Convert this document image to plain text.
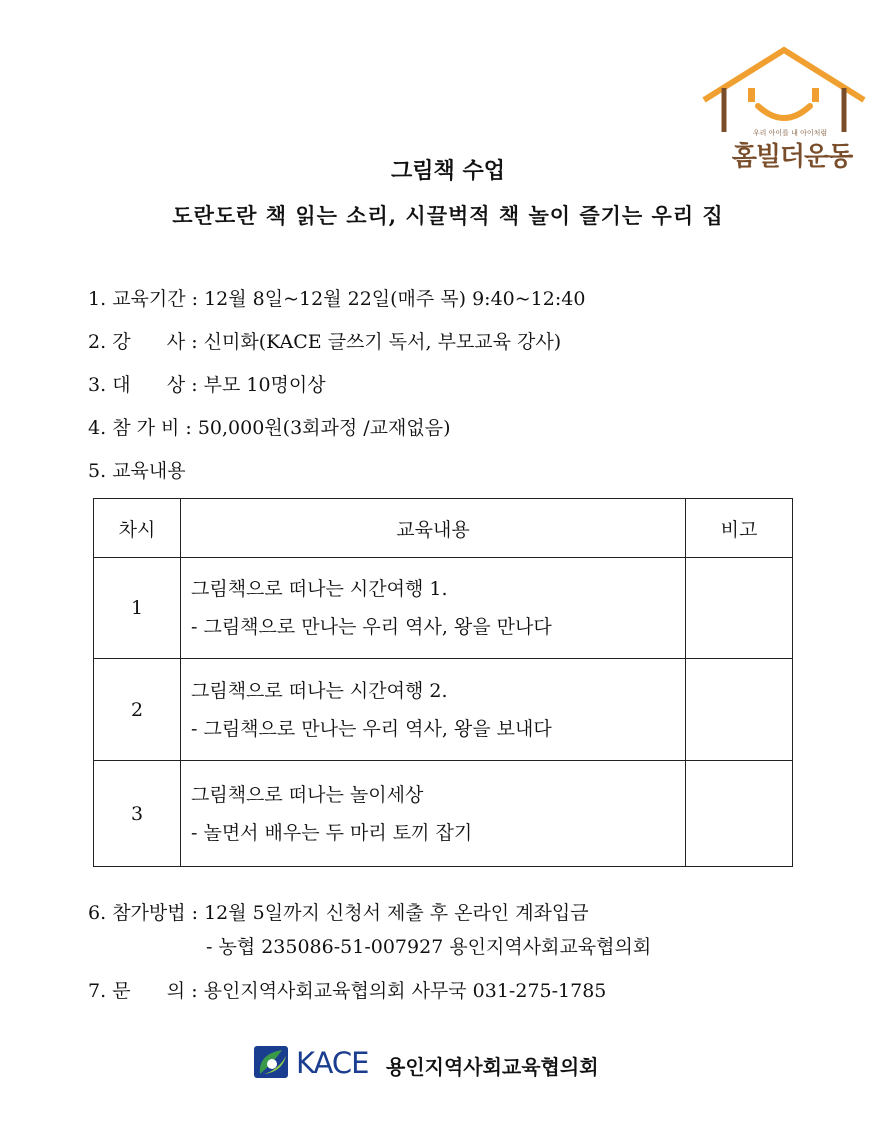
우리 아이를 내 아이처럼
홈빌더운동
그림책 수업
도란도란 책 읽는 소리, 시끌벅적 책 놀이 즐기는 우리 집
1. 교육기간 : 12월 8일~12월 22일(매주 목) 9:40~12:40
2. 강      사 : 신미화(KACE 글쓰기 독서, 부모교육 강사)
3. 대      상 : 부모 10명이상
4. 참 가 비 : 50,000원(3회과정 /교재없음)
5. 교육내용
차시	교육내용	비고
1	그림책으로 떠나는 시간여행 1.
- 그림책으로 만나는 우리 역사, 왕을 만나다	

2	그림책으로 떠나는 시간여행 2.
- 그림책으로 만나는 우리 역사, 왕을 보내다	

3	그림책으로 떠나는 놀이세상
- 놀면서 배우는 두 마리 토끼 잡기	

6. 참가방법 : 12월 5일까지 신청서 제출 후 온라인 계좌입금
- 농협 235086-51-007927 용인지역사회교육협의회
7. 문      의 : 용인지역사회교육협의회 사무국 031-275-1785
KACE 용인지역사회교육협의회
